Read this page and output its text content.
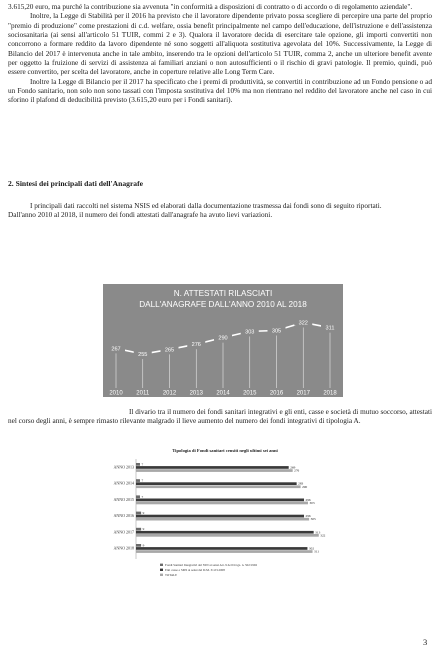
3.615,20 euro, ma purché la contribuzione sia avvenuta "in conformità a disposizioni di contratto o di accordo o di regolamento aziendale".

Inoltre, la Legge di Stabilità per il 2016 ha previsto che il lavoratore dipendente privato possa scegliere di percepire una parte del proprio "premio di produzione" come prestazioni di c.d. welfare, ossia benefit principalmente nel campo dell'educazione, dell'istruzione e dell'assistenza sociosanitaria (ai sensi all'articolo 51 TUIR, commi 2 e 3). Qualora il lavoratore decida di esercitare tale opzione, gli importi convertiti non concorrono a formare reddito da lavoro dipendente né sono soggetti all'aliquota sostitutiva agevolata del 10%. Successivamente, la Legge di Bilancio del 2017 è intervenuta anche in tale ambito, inserendo tra le opzioni dell'articolo 51 TUIR, comma 2, anche un ulteriore benefit avente per oggetto la fruizione di servizi di assistenza ai familiari anziani o non autosufficienti o il rischio di gravi patologie. Il premio, quindi, può essere convertito, per scelta del lavoratore, anche in coperture relative alle Long Term Care.

Inoltre la Legge di Bilancio per il 2017 ha specificato che i premi di produttività, se convertiti in contribuzione ad un Fondo pensione o ad un Fondo sanitario, non solo non sono tassati con l'imposta sostitutiva del 10% ma non rientrano nel reddito del lavoratore anche nel caso in cui sforino il plafond di deducibilità previsto (3.615,20 euro per i Fondi sanitari).

2. Sintesi dei principali dati dell'Anagrafe

I principali dati raccolti nel sistema NSIS ed elaborati dalla documentazione trasmessa dai fondi sono di seguito riportati.

Dall'anno 2010 al 2018, il numero dei fondi attestati dall'anagrafe ha avuto lievi variazioni.

N. ATTESTATI RILASCIATI
DALL'ANAGRAFE DALL'ANNO 2010 AL 2018
2010 2011 2012 2013 2014 2015 2016 2017 2018
267
255
265
276
290
303	305
322
311

Il divario tra il numero dei fondi sanitari integrativi e gli enti, casse e società di mutuo soccorso, attestati nel corso degli anni, è sempre rimasto rilevante malgrado il lieve aumento del numero dei fondi integrativi di tipologia A.

Tipologia di Fondi sanitari censiti negli ultimi sei anni
ANNO 2013
7
269
276
ANNO 2014
7
283
290
ANNO 2015
7
296
303
ANNO 2016
9
296
305
ANNO 2017
9
313
322
ANNO 2018
9
302
311
Fondi Sanitari Integrativi del SSN ai sensi Art. 9 del D.Lgs. n. 502/1992
Enti casse e SMS ai sensi del D.M. 31.03.2008
TOTALE
3
